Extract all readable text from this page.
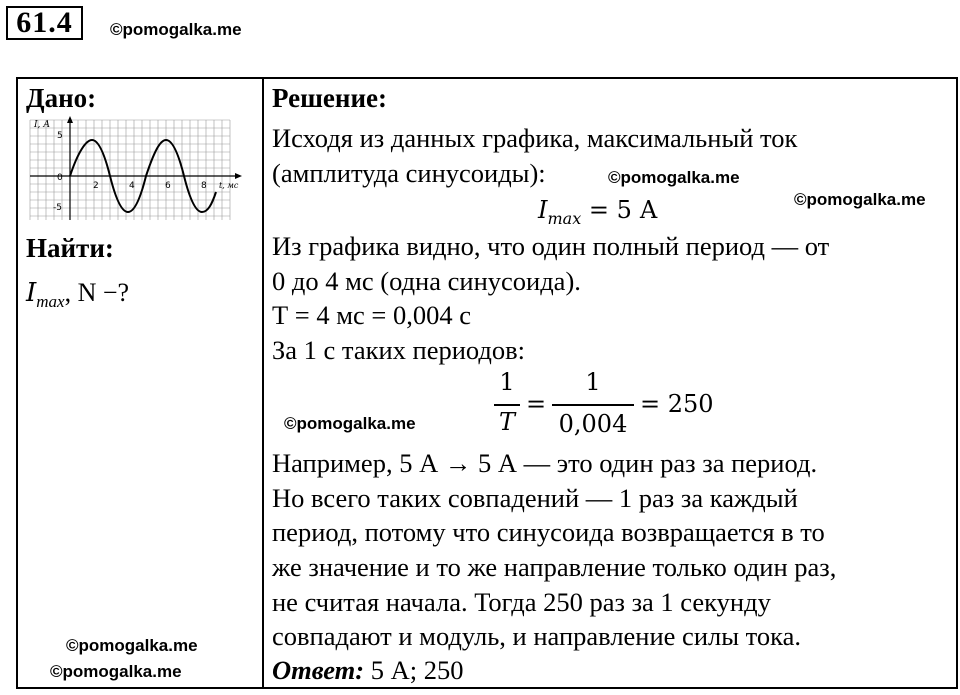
61.4	©pomogalka.me
Дано:
I, А
5
0
-5
2	4	6	8 t, мс
Найти:
$I_{max}$, N −?
©pomogalka.me
©pomogalka.me
Решение:
Исходя из данных графика, максимальный ток
(амплитуда синусоиды):	©pomogalka.me
©pomogalka.me
$I_{max} = 5$ А
Из графика видно, что один полный период — от
0 до 4 мс (одна синусоида).
Т = 4 мс = 0,004 с
За 1 с таких периодов:
1
T
=
1
0,004
= 250
©pomogalka.me
Например, 5 А → 5 А — это один раз за период.
Но всего таких совпадений — 1 раз за каждый
период, потому что синусоида возвращается в то
же значение и то же направление только один раз,
не считая начала. Тогда 250 раз за 1 секунду
совпадают и модуль, и направление силы тока.
Ответ: 5 А; 250
